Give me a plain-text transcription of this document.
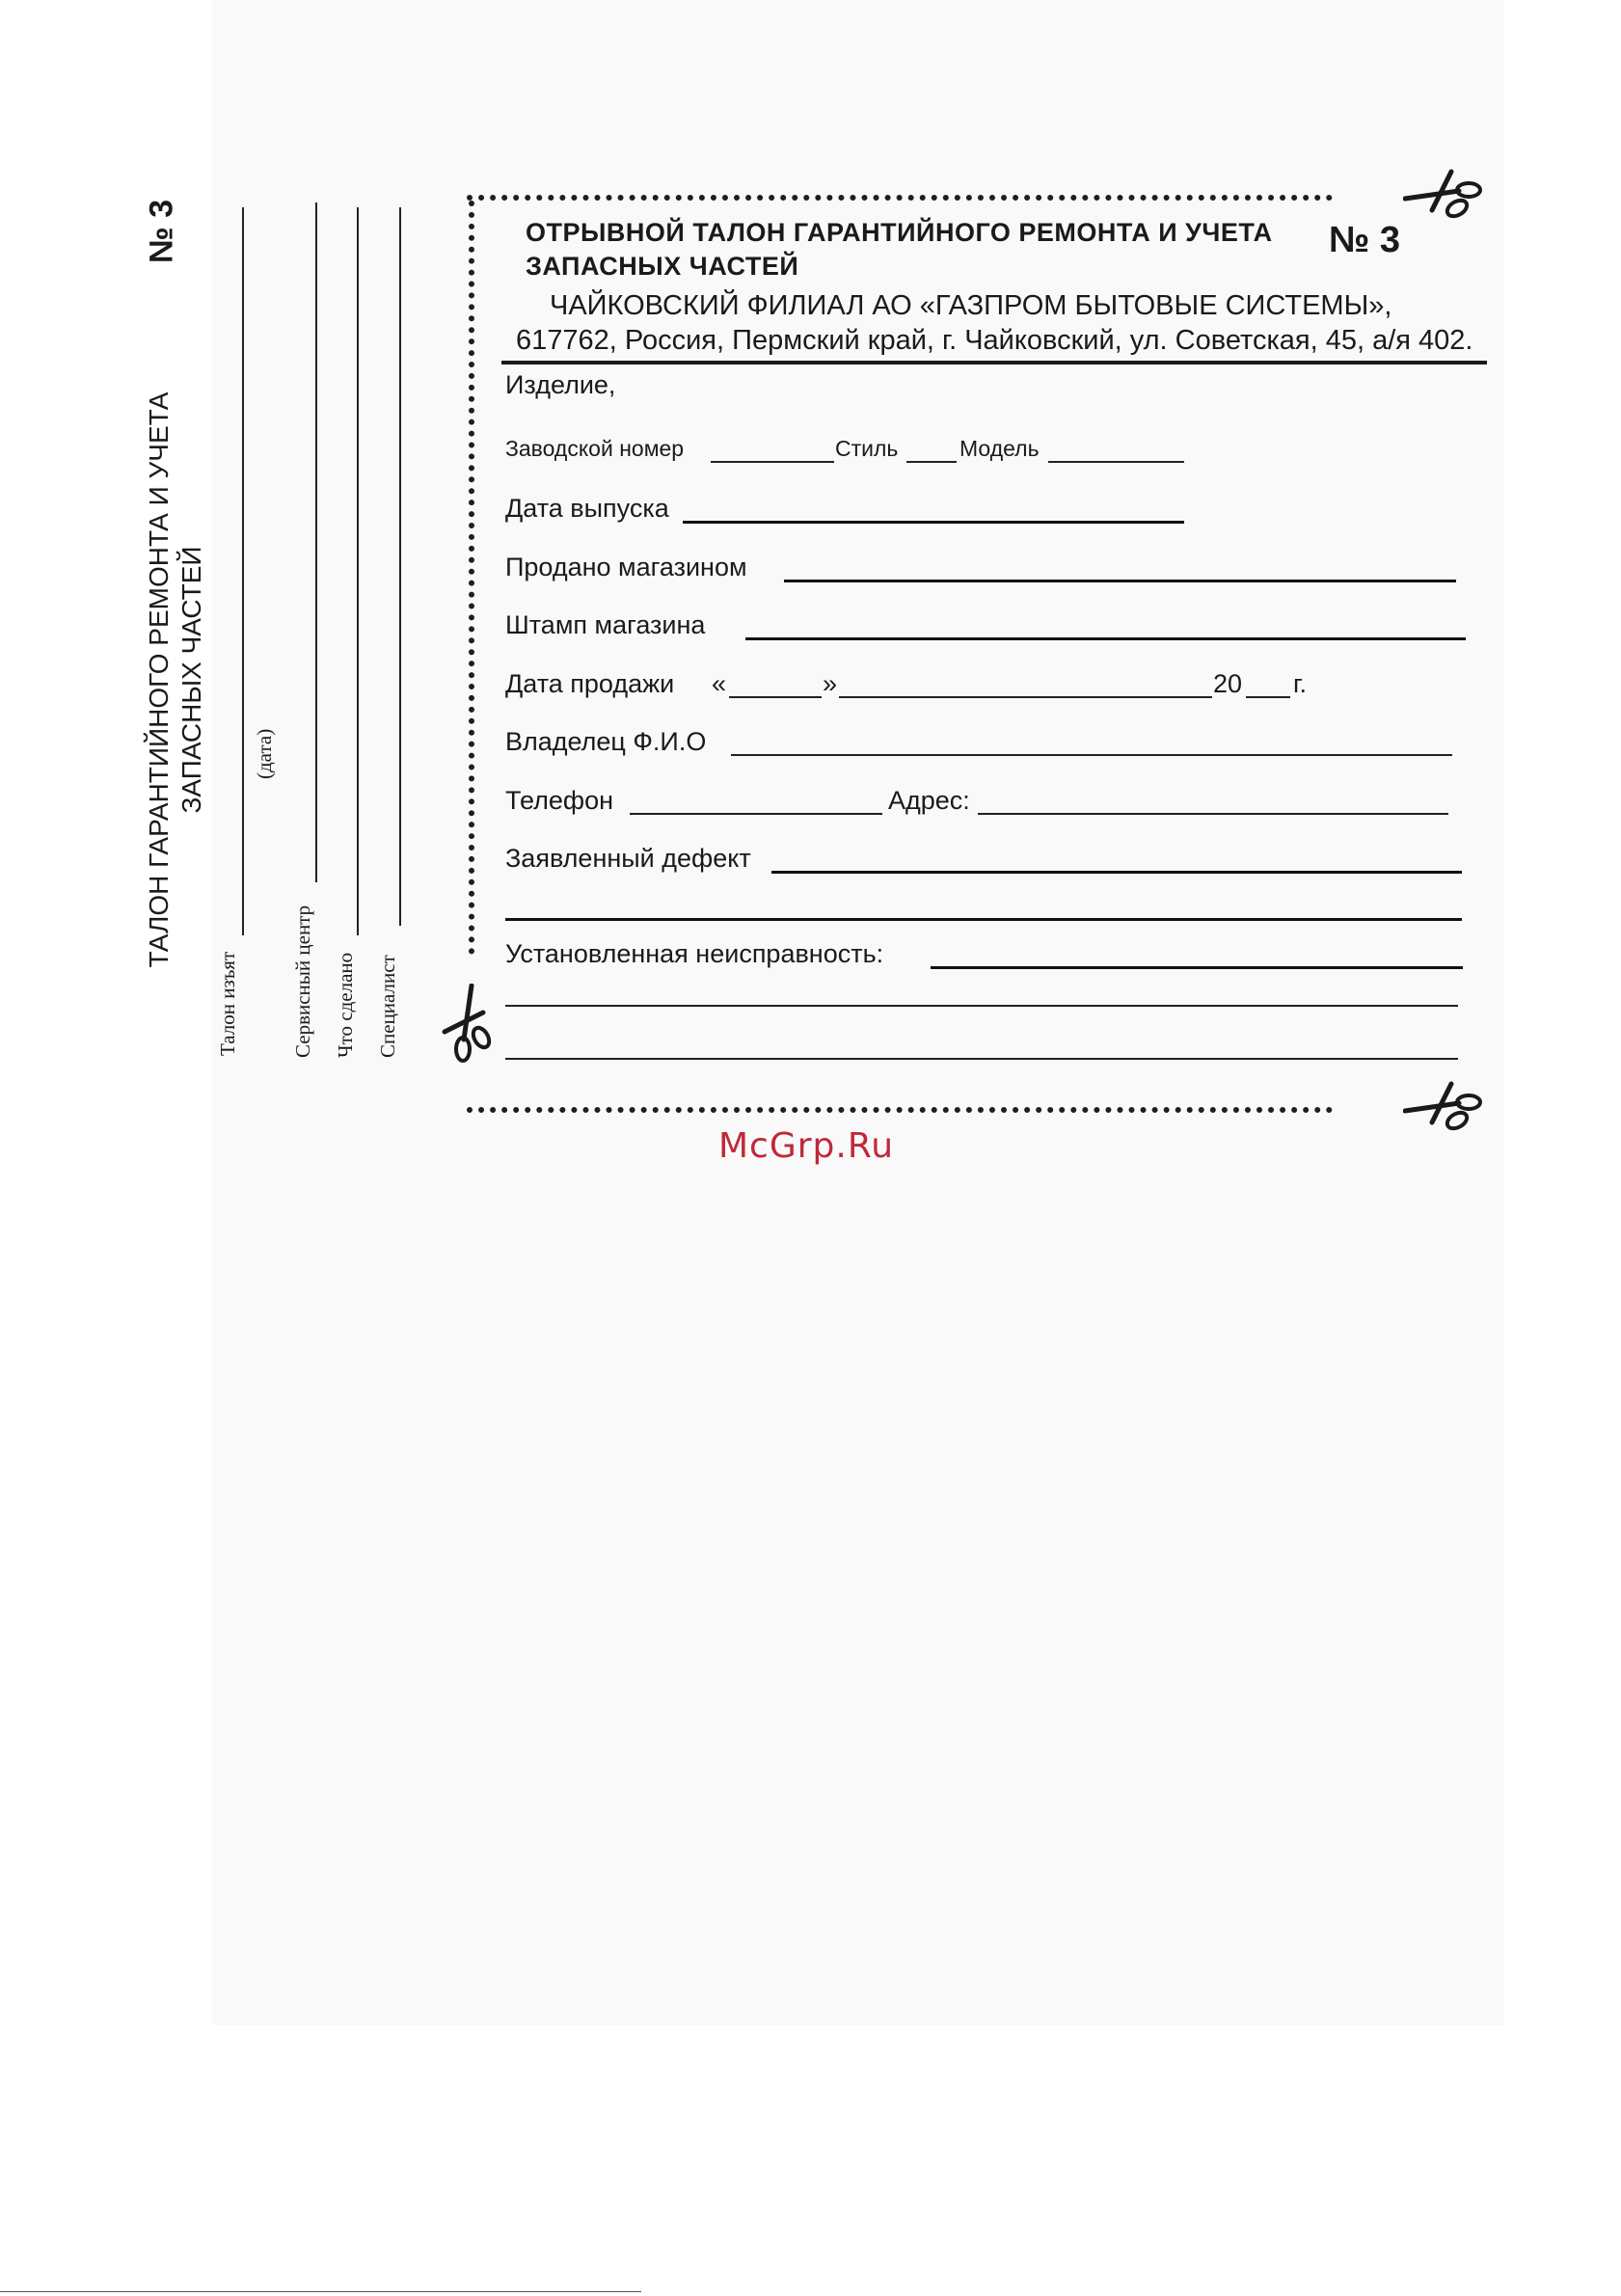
№ 3
ТАЛОН ГАРАНТИЙНОГО РЕМОНТА И УЧЕТА ЗАПАСНЫХ ЧАСТЕЙ
Талон изъят
(дата)
Сервисный центр Что сделано Специалист
ОТРЫВНОЙ ТАЛОН ГАРАНТИЙНОГО РЕМОНТА И УЧЕТА
ЗАПАСНЫХ ЧАСТЕЙ
№ 3
ЧАЙКОВСКИЙ ФИЛИАЛ АО «ГАЗПРОМ БЫТОВЫЕ СИСТЕМЫ»,
617762, Россия, Пермский край, г. Чайковский, ул. Советская, 45, а/я 402.
Изделие,
Заводской номер	Стиль	Модель
Дата выпуска
Продано магазином
Штамп магазина
Дата продажи «	»	20 г.
Владелец Ф.И.О
Телефон	Адрес:
Заявленный дефект
Установленная неисправность:
McGrp.Ru
